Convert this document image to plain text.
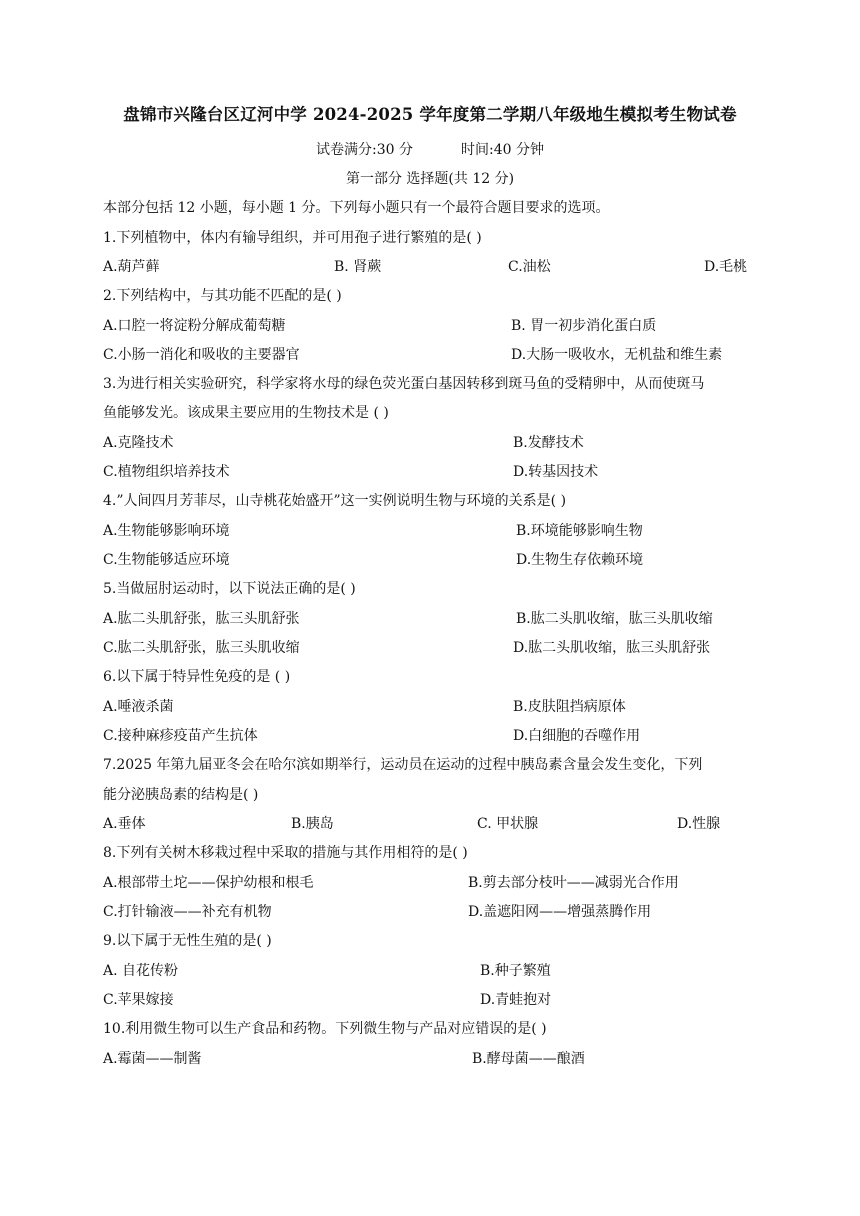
盘锦市兴隆台区辽河中学 2024-2025 学年度第二学期八年级地生模拟考生物试卷
试卷满分:30 分	时间:40 分钟
第一部分 选择题(共 12 分)
本部分包括 12 小题，每小题 1 分。下列每小题只有一个最符合题目要求的选项。
1.下列植物中，体内有输导组织，并可用孢子进行繁殖的是( )
A.葫芦藓	B. 肾蕨	C.油松	D.毛桃
2.下列结构中，与其功能不匹配的是( )
A.口腔一将淀粉分解成葡萄糖	B. 胃一初步消化蛋白质
C.小肠一消化和吸收的主要器官	D.大肠一吸收水，无机盐和维生素
3.为进行相关实验研究，科学家将水母的绿色荧光蛋白基因转移到斑马鱼的受精卵中，从而使斑马
鱼能够发光。该成果主要应用的生物技术是 ( )
A.克隆技术	B.发酵技术
C.植物组织培养技术	D.转基因技术
4.”人间四月芳菲尽，山寺桃花始盛开”这一实例说明生物与环境的关系是( )
A.生物能够影响环境	B.环境能够影响生物
C.生物能够适应环境	D.生物生存依赖环境
5.当做屈肘运动时，以下说法正确的是( )
A.肱二头肌舒张，肱三头肌舒张	B.肱二头肌收缩，肱三头肌收缩
C.肱二头肌舒张，肱三头肌收缩	D.肱二头肌收缩，肱三头肌舒张
6.以下属于特异性免疫的是 ( )
A.唾液杀菌	B.皮肤阻挡病原体
C.接种麻疹疫苗产生抗体	D.白细胞的吞噬作用
7.2025 年第九届亚冬会在哈尔滨如期举行，运动员在运动的过程中胰岛素含量会发生变化，下列
能分泌胰岛素的结构是( )
A.垂体	B.胰岛	C. 甲状腺	D.性腺
8.下列有关树木移栽过程中采取的措施与其作用相符的是( )
A.根部带土坨——保护幼根和根毛	B.剪去部分枝叶——减弱光合作用
C.打针输液——补充有机物	D.盖遮阳网——增强蒸腾作用
9.以下属于无性生殖的是( )
A. 自花传粉	B.种子繁殖
C.苹果嫁接	D.青蛙抱对
10.利用微生物可以生产食品和药物。下列微生物与产品对应错误的是( )
A.霉菌——制酱	B.酵母菌——酿酒
